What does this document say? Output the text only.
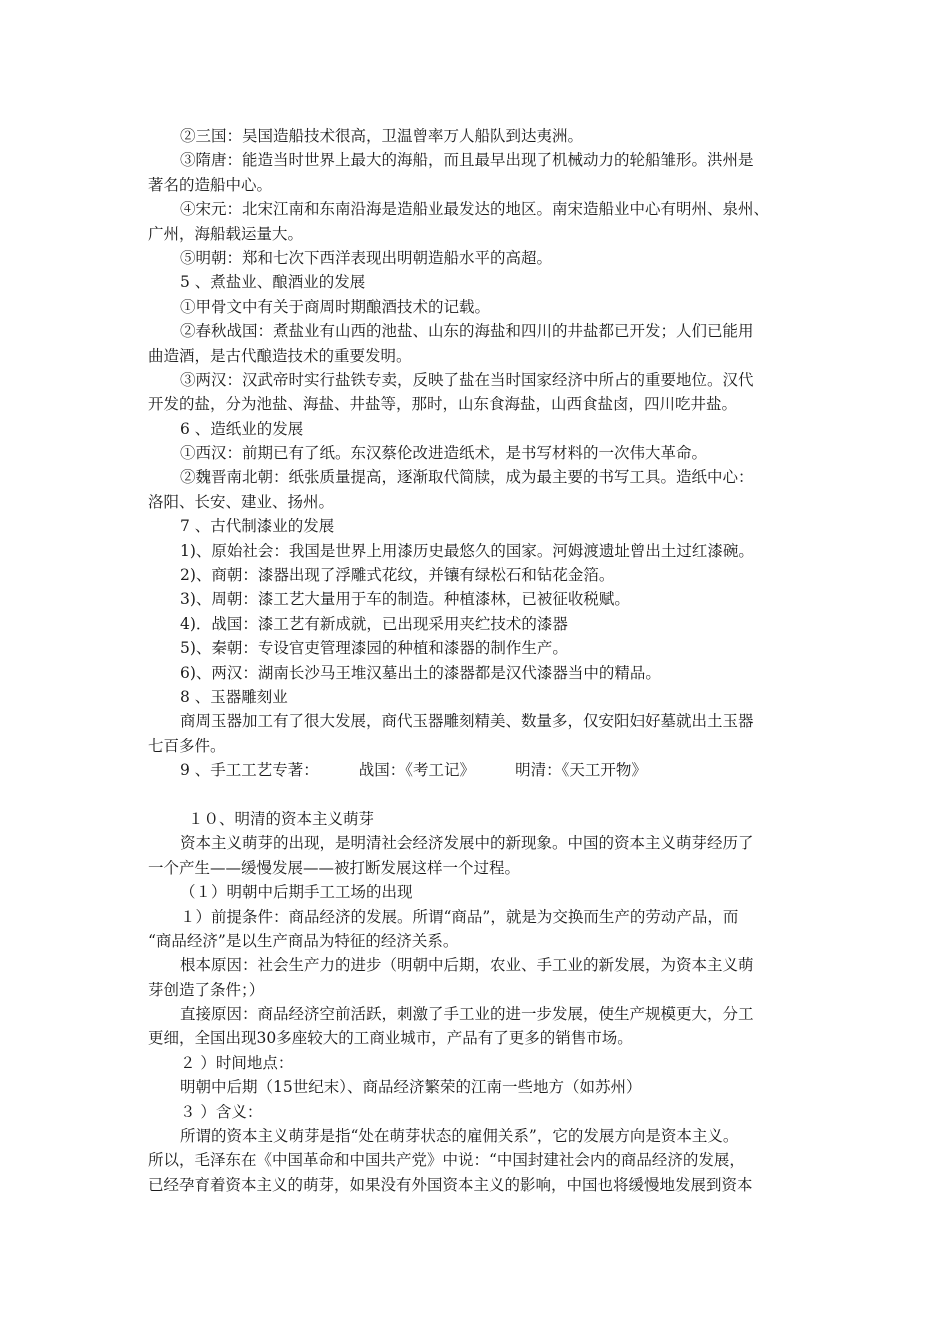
②三国：吴国造船技术很高，卫温曾率万人船队到达夷洲。
③隋唐：能造当时世界上最大的海船，而且最早出现了机械动力的轮船雏形。洪州是
著名的造船中心。
④宋元：北宋江南和东南沿海是造船业最发达的地区。南宋造船业中心有明州、泉州、
广州，海船载运量大。
⑤明朝：郑和七次下西洋表现出明朝造船水平的高超。
5 、煮盐业、酿酒业的发展
①甲骨文中有关于商周时期酿酒技术的记载。
②春秋战国：煮盐业有山西的池盐、山东的海盐和四川的井盐都已开发；人们已能用
曲造酒，是古代酿造技术的重要发明。
③两汉：汉武帝时实行盐铁专卖，反映了盐在当时国家经济中所占的重要地位。汉代
开发的盐，分为池盐、海盐、井盐等，那时，山东食海盐，山西食盐卤，四川吃井盐。
6 、造纸业的发展
①西汉：前期已有了纸。东汉蔡伦改进造纸术，是书写材料的一次伟大革命。
②魏晋南北朝：纸张质量提高，逐渐取代简牍，成为最主要的书写工具。造纸中心：
洛阳、长安、建业、扬州。
7 、古代制漆业的发展
1)、原始社会：我国是世界上用漆历史最悠久的国家。河姆渡遗址曾出土过红漆碗。
2)、商朝：漆器出现了浮雕式花纹，并镶有绿松石和钻花金箔。
3)、周朝：漆工艺大量用于车的制造。种植漆林，已被征收税赋。
4)．战国：漆工艺有新成就，已出现采用夹纻技术的漆器
5)、秦朝：专设官吏管理漆园的种植和漆器的制作生产。
6)、两汉：湖南长沙马王堆汉墓出土的漆器都是汉代漆器当中的精品。
8 、玉器雕刻业
商周玉器加工有了很大发展，商代玉器雕刻精美、数量多，仅安阳妇好墓就出土玉器
七百多件。
9 、手工工艺专著：	战国：《考工记》	明清：《天工开物》
１０、明清的资本主义萌芽
资本主义萌芽的出现，是明清社会经济发展中的新现象。中国的资本主义萌芽经历了
一个产生——缓慢发展——被打断发展这样一个过程。
（１）明朝中后期手工工场的出现
１）前提条件：商品经济的发展。所谓“商品”，就是为交换而生产的劳动产品，而
“商品经济”是以生产商品为特征的经济关系。
根本原因：社会生产力的进步（明朝中后期，农业、手工业的新发展，为资本主义萌
芽创造了条件；）
直接原因：商品经济空前活跃，刺激了手工业的进一步发展，使生产规模更大，分工
更细，全国出现30多座较大的工商业城市，产品有了更多的销售市场。
２ ）时间地点：
明朝中后期（15世纪末）、商品经济繁荣的江南一些地方（如苏州）
３ ）含义：
所谓的资本主义萌芽是指“处在萌芽状态的雇佣关系”，它的发展方向是资本主义。
所以，毛泽东在《中国革命和中国共产党》中说：“中国封建社会内的商品经济的发展，
已经孕育着资本主义的萌芽，如果没有外国资本主义的影响，中国也将缓慢地发展到资本
